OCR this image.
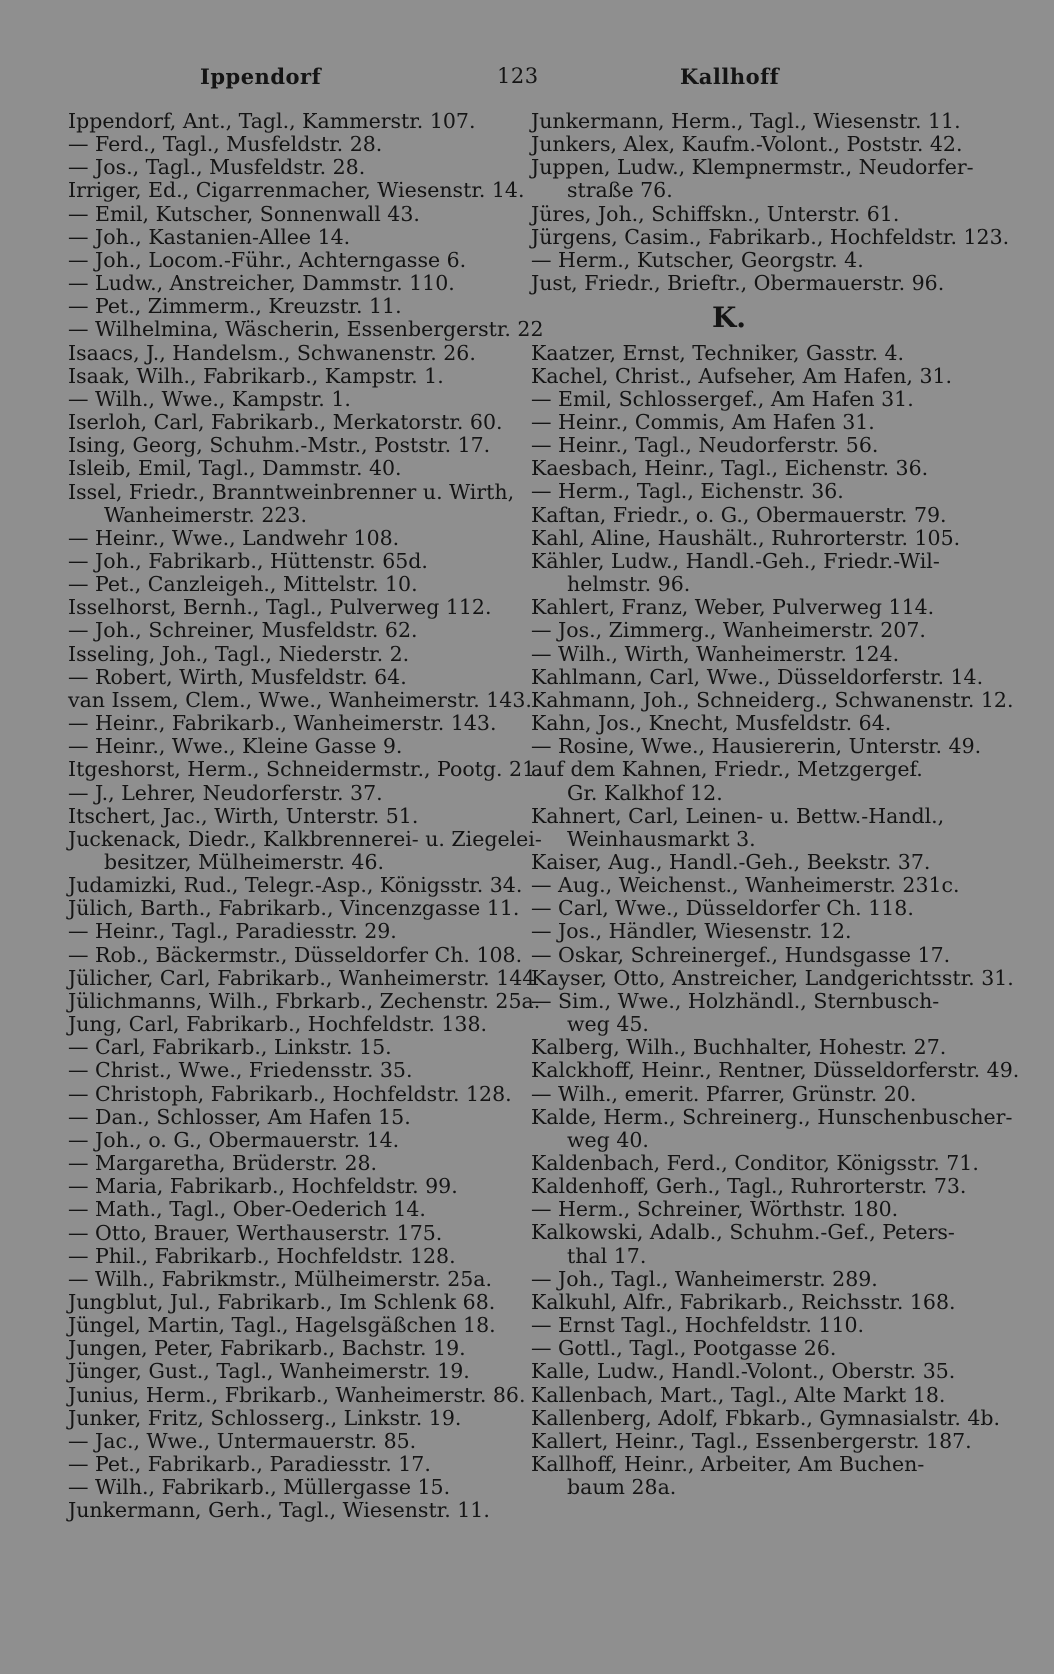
Ippendorf	123	Kallhoff
Ippendorf, Ant., Tagl., Kammerstr. 107.
— Ferd., Tagl., Musfeldstr. 28.
— Jos., Tagl., Musfeldstr. 28.
Irriger, Ed., Cigarrenmacher, Wiesenstr. 14.
— Emil, Kutscher, Sonnenwall 43.
— Joh., Kastanien-Allee 14.
— Joh., Locom.-Führ., Achterngasse 6.
— Ludw., Anstreicher, Dammstr. 110.
— Pet., Zimmerm., Kreuzstr. 11.
— Wilhelmina, Wäscherin, Essenbergerstr. 22
Isaacs, J., Handelsm., Schwanenstr. 26.
Isaak, Wilh., Fabrikarb., Kampstr. 1.
— Wilh., Wwe., Kampstr. 1.
Iserloh, Carl, Fabrikarb., Merkatorstr. 60.
Ising, Georg, Schuhm.-Mstr., Poststr. 17.
Isleib, Emil, Tagl., Dammstr. 40.
Issel, Friedr., Branntweinbrenner u. Wirth,
Wanheimerstr. 223.
— Heinr., Wwe., Landwehr 108.
— Joh., Fabrikarb., Hüttenstr. 65d.
— Pet., Canzleigeh., Mittelstr. 10.
Isselhorst, Bernh., Tagl., Pulverweg 112.
— Joh., Schreiner, Musfeldstr. 62.
Isseling, Joh., Tagl., Niederstr. 2.
— Robert, Wirth, Musfeldstr. 64.
van Issem, Clem., Wwe., Wanheimerstr. 143.
— Heinr., Fabrikarb., Wanheimerstr. 143.
— Heinr., Wwe., Kleine Gasse 9.
Itgeshorst, Herm., Schneidermstr., Pootg. 21.
— J., Lehrer, Neudorferstr. 37.
Itschert, Jac., Wirth, Unterstr. 51.
Juckenack, Diedr., Kalkbrennerei- u. Ziegelei-
besitzer, Mülheimerstr. 46.
Judamizki, Rud., Telegr.-Asp., Königsstr. 34.
Jülich, Barth., Fabrikarb., Vincenzgasse 11.
— Heinr., Tagl., Paradiesstr. 29.
— Rob., Bäckermstr., Düsseldorfer Ch. 108.
Jülicher, Carl, Fabrikarb., Wanheimerstr. 144
Jülichmanns, Wilh., Fbrkarb., Zechenstr. 25a.
Jung, Carl, Fabrikarb., Hochfeldstr. 138.
— Carl, Fabrikarb., Linkstr. 15.
— Christ., Wwe., Friedensstr. 35.
— Christoph, Fabrikarb., Hochfeldstr. 128.
— Dan., Schlosser, Am Hafen 15.
— Joh., o. G., Obermauerstr. 14.
— Margaretha, Brüderstr. 28.
— Maria, Fabrikarb., Hochfeldstr. 99.
— Math., Tagl., Ober-Oederich 14.
— Otto, Brauer, Werthauserstr. 175.
— Phil., Fabrikarb., Hochfeldstr. 128.
— Wilh., Fabrikmstr., Mülheimerstr. 25a.
Jungblut, Jul., Fabrikarb., Im Schlenk 68.
Jüngel, Martin, Tagl., Hagelsgäßchen 18.
Jungen, Peter, Fabrikarb., Bachstr. 19.
Jünger, Gust., Tagl., Wanheimerstr. 19.
Junius, Herm., Fbrikarb., Wanheimerstr. 86.
Junker, Fritz, Schlosserg., Linkstr. 19.
— Jac., Wwe., Untermauerstr. 85.
— Pet., Fabrikarb., Paradiesstr. 17.
— Wilh., Fabrikarb., Müllergasse 15.
Junkermann, Gerh., Tagl., Wiesenstr. 11.
Junkermann, Herm., Tagl., Wiesenstr. 11.
Junkers, Alex, Kaufm.-Volont., Poststr. 42.
Juppen, Ludw., Klempnermstr., Neudorfer-
straße 76.
Jüres, Joh., Schiffskn., Unterstr. 61.
Jürgens, Casim., Fabrikarb., Hochfeldstr. 123.
— Herm., Kutscher, Georgstr. 4.
Just, Friedr., Brieftr., Obermauerstr. 96.
K.
Kaatzer, Ernst, Techniker, Gasstr. 4.
Kachel, Christ., Aufseher, Am Hafen, 31.
— Emil, Schlossergef., Am Hafen 31.
— Heinr., Commis, Am Hafen 31.
— Heinr., Tagl., Neudorferstr. 56.
Kaesbach, Heinr., Tagl., Eichenstr. 36.
— Herm., Tagl., Eichenstr. 36.
Kaftan, Friedr., o. G., Obermauerstr. 79.
Kahl, Aline, Haushält., Ruhrorterstr. 105.
Kähler, Ludw., Handl.-Geh., Friedr.-Wil-
helmstr. 96.
Kahlert, Franz, Weber, Pulverweg 114.
— Jos., Zimmerg., Wanheimerstr. 207.
— Wilh., Wirth, Wanheimerstr. 124.
Kahlmann, Carl, Wwe., Düsseldorferstr. 14.
Kahmann, Joh., Schneiderg., Schwanenstr. 12.
Kahn, Jos., Knecht, Musfeldstr. 64.
— Rosine, Wwe., Hausiererin, Unterstr. 49.
auf dem Kahnen, Friedr., Metzgergef.
Gr. Kalkhof 12.
Kahnert, Carl, Leinen- u. Bettw.-Handl.,
Weinhausmarkt 3.
Kaiser, Aug., Handl.-Geh., Beekstr. 37.
— Aug., Weichenst., Wanheimerstr. 231c.
— Carl, Wwe., Düsseldorfer Ch. 118.
— Jos., Händler, Wiesenstr. 12.
— Oskar, Schreinergef., Hundsgasse 17.
Kayser, Otto, Anstreicher, Landgerichtsstr. 31.
— Sim., Wwe., Holzhändl., Sternbusch-
weg 45.
Kalberg, Wilh., Buchhalter, Hohestr. 27.
Kalckhoff, Heinr., Rentner, Düsseldorferstr. 49.
— Wilh., emerit. Pfarrer, Grünstr. 20.
Kalde, Herm., Schreinerg., Hunschenbuscher-
weg 40.
Kaldenbach, Ferd., Conditor, Königsstr. 71.
Kaldenhoff, Gerh., Tagl., Ruhrorterstr. 73.
— Herm., Schreiner, Wörthstr. 180.
Kalkowski, Adalb., Schuhm.-Gef., Peters-
thal 17.
— Joh., Tagl., Wanheimerstr. 289.
Kalkuhl, Alfr., Fabrikarb., Reichsstr. 168.
— Ernst Tagl., Hochfeldstr. 110.
— Gottl., Tagl., Pootgasse 26.
Kalle, Ludw., Handl.-Volont., Oberstr. 35.
Kallenbach, Mart., Tagl., Alte Markt 18.
Kallenberg, Adolf, Fbkarb., Gymnasialstr. 4b.
Kallert, Heinr., Tagl., Essenbergerstr. 187.
Kallhoff, Heinr., Arbeiter, Am Buchen-
baum 28a.
